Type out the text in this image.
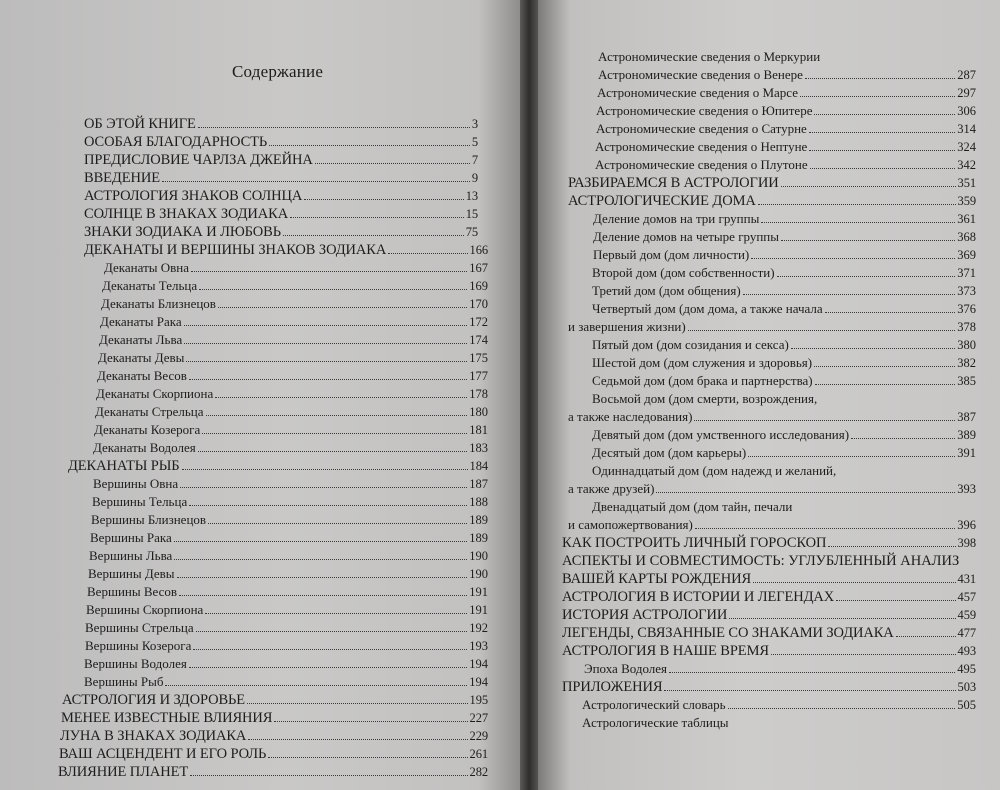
Содержание
ОБ ЭТОЙ КНИГЕ	3
ОСОБАЯ БЛАГОДАРНОСТЬ	5
ПРЕДИСЛОВИЕ ЧАРЛЗА ДЖЕЙНА	7
ВВЕДЕНИЕ	9
АСТРОЛОГИЯ ЗНАКОВ СОЛНЦА	13
СОЛНЦЕ В ЗНАКАХ ЗОДИАКА	15
ЗНАКИ ЗОДИАКА И ЛЮБОВЬ	75
ДЕКАНАТЫ И ВЕРШИНЫ ЗНАКОВ ЗОДИАКА	166
Деканаты Овна	167
Деканаты Тельца	169
Деканаты Близнецов	170
Деканаты Рака	172
Деканаты Льва	174
Деканаты Девы	175
Деканаты Весов	177
Деканаты Скорпиона	178
Деканаты Стрельца	180
Деканаты Козерога	181
Деканаты Водолея	183
ДЕКАНАТЫ РЫБ	184
Вершины Овна	187
Вершины Тельца	188
Вершины Близнецов	189
Вершины Рака	189
Вершины Льва	190
Вершины Девы	190
Вершины Весов	191
Вершины Скорпиона	191
Вершины Стрельца	192
Вершины Козерога	193
Вершины Водолея	194
Вершины Рыб	194
АСТРОЛОГИЯ И ЗДОРОВЬЕ	195
МЕНЕЕ ИЗВЕСТНЫЕ ВЛИЯНИЯ	227
ЛУНА В ЗНАКАХ ЗОДИАКА	229
ВАШ АСЦЕНДЕНТ И ЕГО РОЛЬ	261
ВЛИЯНИЕ ПЛАНЕТ	282
Астрономические сведения о Меркурии
Астрономические сведения о Венере	287
Астрономические сведения о Марсе	297
Астрономические сведения о Юпитере	306
Астрономические сведения о Сатурне	314
Астрономические сведения о Нептуне	324
Астрономические сведения о Плутоне	342
РАЗБИРАЕМСЯ В АСТРОЛОГИИ	351
АСТРОЛОГИЧЕСКИЕ ДОМА	359
Деление домов на три группы	361
Деление домов на четыре группы	368
Первый дом (дом личности)	369
Второй дом (дом собственности)	371
Третий дом (дом общения)	373
Четвертый дом (дом дома, а также начала	376
и завершения жизни)	378
Пятый дом (дом созидания и секса)	380
Шестой дом (дом служения и здоровья)	382
Седьмой дом (дом брака и партнерства)	385
Восьмой дом (дом смерти, возрождения,
а также наследования)	387
Девятый дом (дом умственного исследования)	389
Десятый дом (дом карьеры)	391
Одиннадцатый дом (дом надежд и желаний,
а также друзей)	393
Двенадцатый дом (дом тайн, печали
и самопожертвования)	396
КАК ПОСТРОИТЬ ЛИЧНЫЙ ГОРОСКОП	398
АСПЕКТЫ И СОВМЕСТИМОСТЬ: УГЛУБЛЕННЫЙ АНАЛИЗ
ВАШЕЙ КАРТЫ РОЖДЕНИЯ	431
АСТРОЛОГИЯ В ИСТОРИИ И ЛЕГЕНДАХ	457
ИСТОРИЯ АСТРОЛОГИИ	459
ЛЕГЕНДЫ, СВЯЗАННЫЕ СО ЗНАКАМИ ЗОДИАКА	477
АСТРОЛОГИЯ В НАШЕ ВРЕМЯ	493
Эпоха Водолея	495
ПРИЛОЖЕНИЯ	503
Астрологический словарь	505
Астрологические таблицы
